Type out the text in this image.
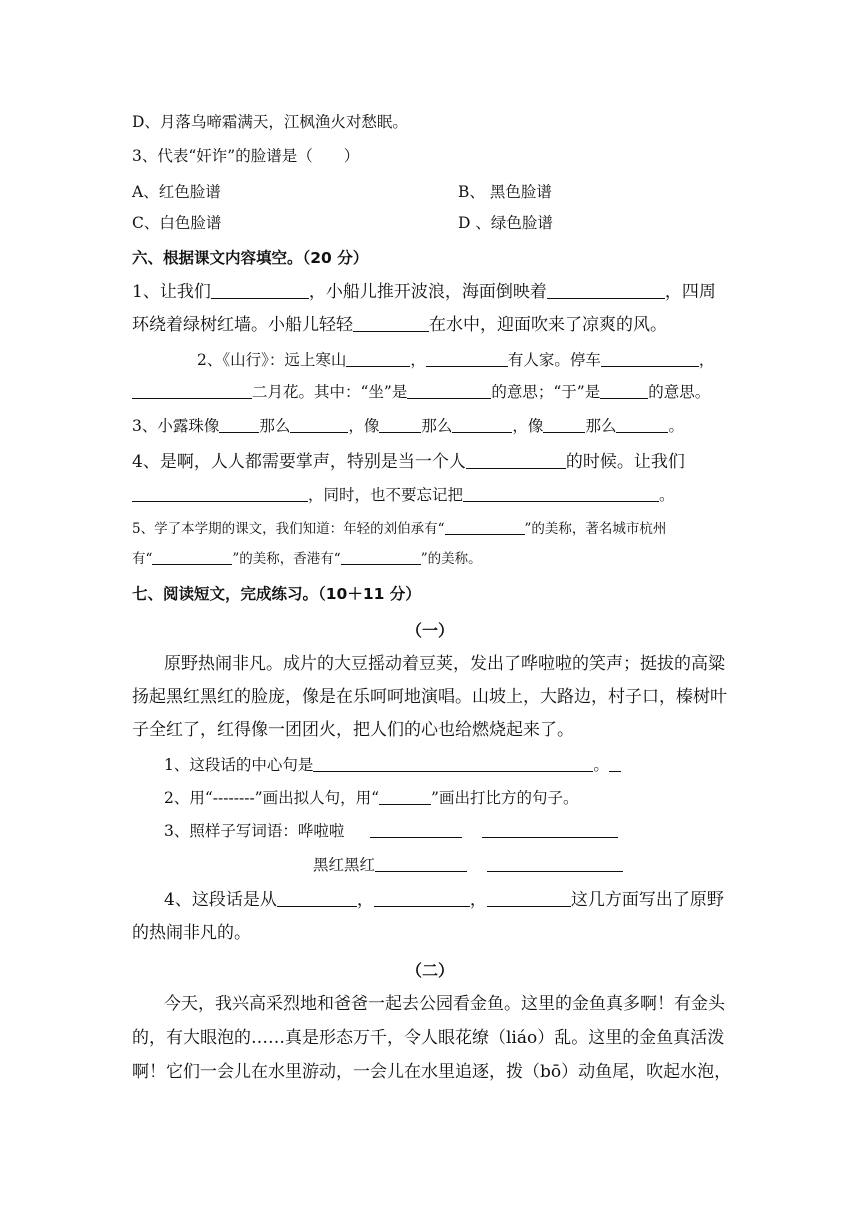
D、月落乌啼霜满天，江枫渔火对愁眠。
3、代表“奸诈”的脸谱是（　　）
A、红色脸谱	B、 黑色脸谱
C、白色脸谱	D 、绿色脸谱
六、根据课文内容填空。（20 分）
1、让我们	，小船儿推开波浪，海面倒映着	，四周
环绕着绿树红墙。小船儿轻轻	在水中，迎面吹来了凉爽的风。
2、《山行》：远上寒山	，	有人家。停车	，
二月花。其中：“坐”是	的意思；“于”是	的意思。
3、小露珠像	那么	，像	那么	，像	那么	。
4、是啊，人人都需要掌声，特别是当一个人	的时候。让我们
，同时，也不要忘记把	。
5、学了本学期的课文，我们知道：年轻的刘伯承有“	”的美称，著名城市杭州
有“	”的美称，香港有“	”的美称。
七、阅读短文，完成练习。（10＋11 分）
（一）
原野热闹非凡。成片的大豆摇动着豆荚，发出了哗啦啦的笑声；挺拔的高粱
扬起黑红黑红的脸庞，像是在乐呵呵地演唱。山坡上，大路边，村子口，榛树叶
子全红了，红得像一团团火，把人们的心也给燃烧起来了。
1、这段话的中心句是	。
2、用“--------”画出拟人句，用“	”画出打比方的句子。
3、照样子写词语：哗啦啦
黑红黑红
4、这段话是从	，	，	这几方面写出了原野
的热闹非凡的。
（二）
今天，我兴高采烈地和爸爸一起去公园看金鱼。这里的金鱼真多啊！有金头
的，有大眼泡的……真是形态万千，令人眼花缭（liáo）乱。这里的金鱼真活泼
啊！它们一会儿在水里游动，一会儿在水里追逐，拨（bō）动鱼尾，吹起水泡，
